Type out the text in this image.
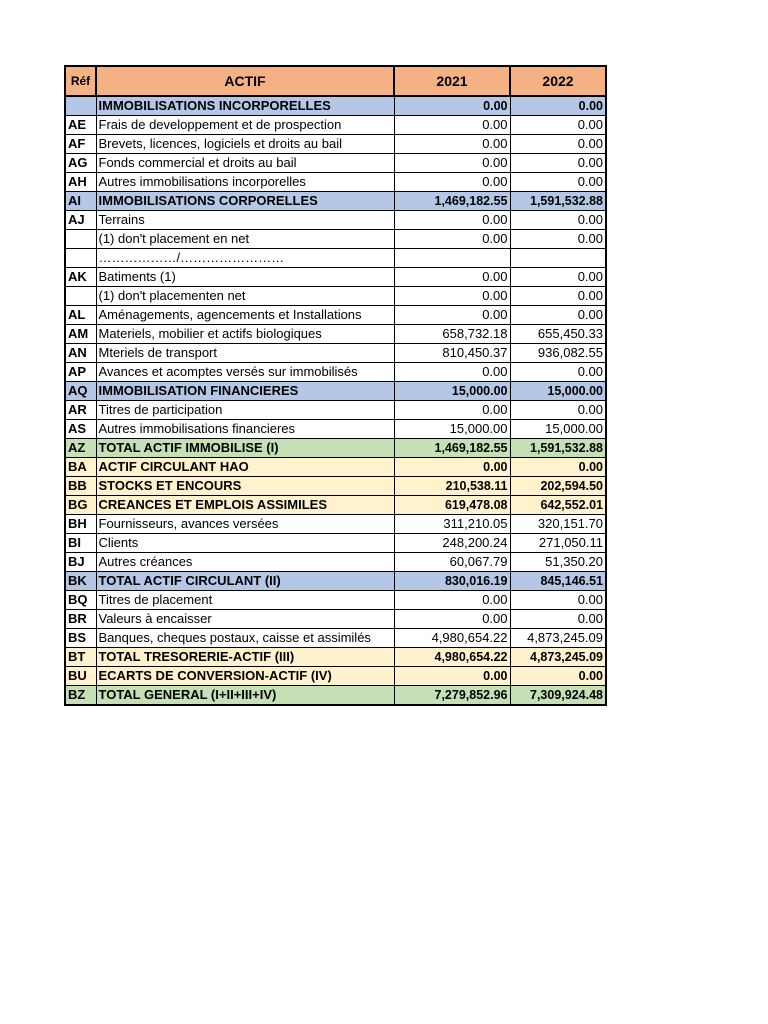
Réf	ACTIF	2021	2022
	IMMOBILISATIONS INCORPORELLES	0.00	0.00
AE	Frais de developpement et de prospection	0.00	0.00
AF	Brevets, licences, logiciels et droits au bail	0.00	0.00
AG	Fonds commercial et droits au bail	0.00	0.00
AH	Autres immobilisations incorporelles	0.00	0.00
AI	IMMOBILISATIONS CORPORELLES	1,469,182.55	1,591,532.88
AJ	Terrains	0.00	0.00
	(1) don't placement en net	0.00	0.00
	………………/……………………		
AK	Batiments (1)	0.00	0.00
	(1) don't placementen net	0.00	0.00
AL	Aménagements, agencements et Installations	0.00	0.00
AM	Materiels, mobilier et actifs biologiques	658,732.18	655,450.33
AN	Mteriels de transport	810,450.37	936,082.55
AP	Avances et acomptes versés sur immobilisés	0.00	0.00
AQ	IMMOBILISATION FINANCIERES	15,000.00	15,000.00
AR	Titres de participation	0.00	0.00
AS	Autres immobilisations financieres	15,000.00	15,000.00
AZ	TOTAL ACTIF IMMOBILISE (I)	1,469,182.55	1,591,532.88
BA	ACTIF CIRCULANT HAO	0.00	0.00
BB	STOCKS ET ENCOURS	210,538.11	202,594.50
BG	CREANCES ET EMPLOIS ASSIMILES	619,478.08	642,552.01
BH	Fournisseurs, avances versées	311,210.05	320,151.70
BI	Clients	248,200.24	271,050.11
BJ	Autres créances	60,067.79	51,350.20
BK	TOTAL ACTIF CIRCULANT (II)	830,016.19	845,146.51
BQ	Titres de placement	0.00	0.00
BR	Valeurs à encaisser	0.00	0.00
BS	Banques, cheques postaux, caisse et assimilés	4,980,654.22	4,873,245.09
BT	TOTAL TRESORERIE-ACTIF (III)	4,980,654.22	4,873,245.09
BU	ECARTS DE CONVERSION-ACTIF (IV)	0.00	0.00
BZ	TOTAL GENERAL (I+II+III+IV)	7,279,852.96	7,309,924.48
